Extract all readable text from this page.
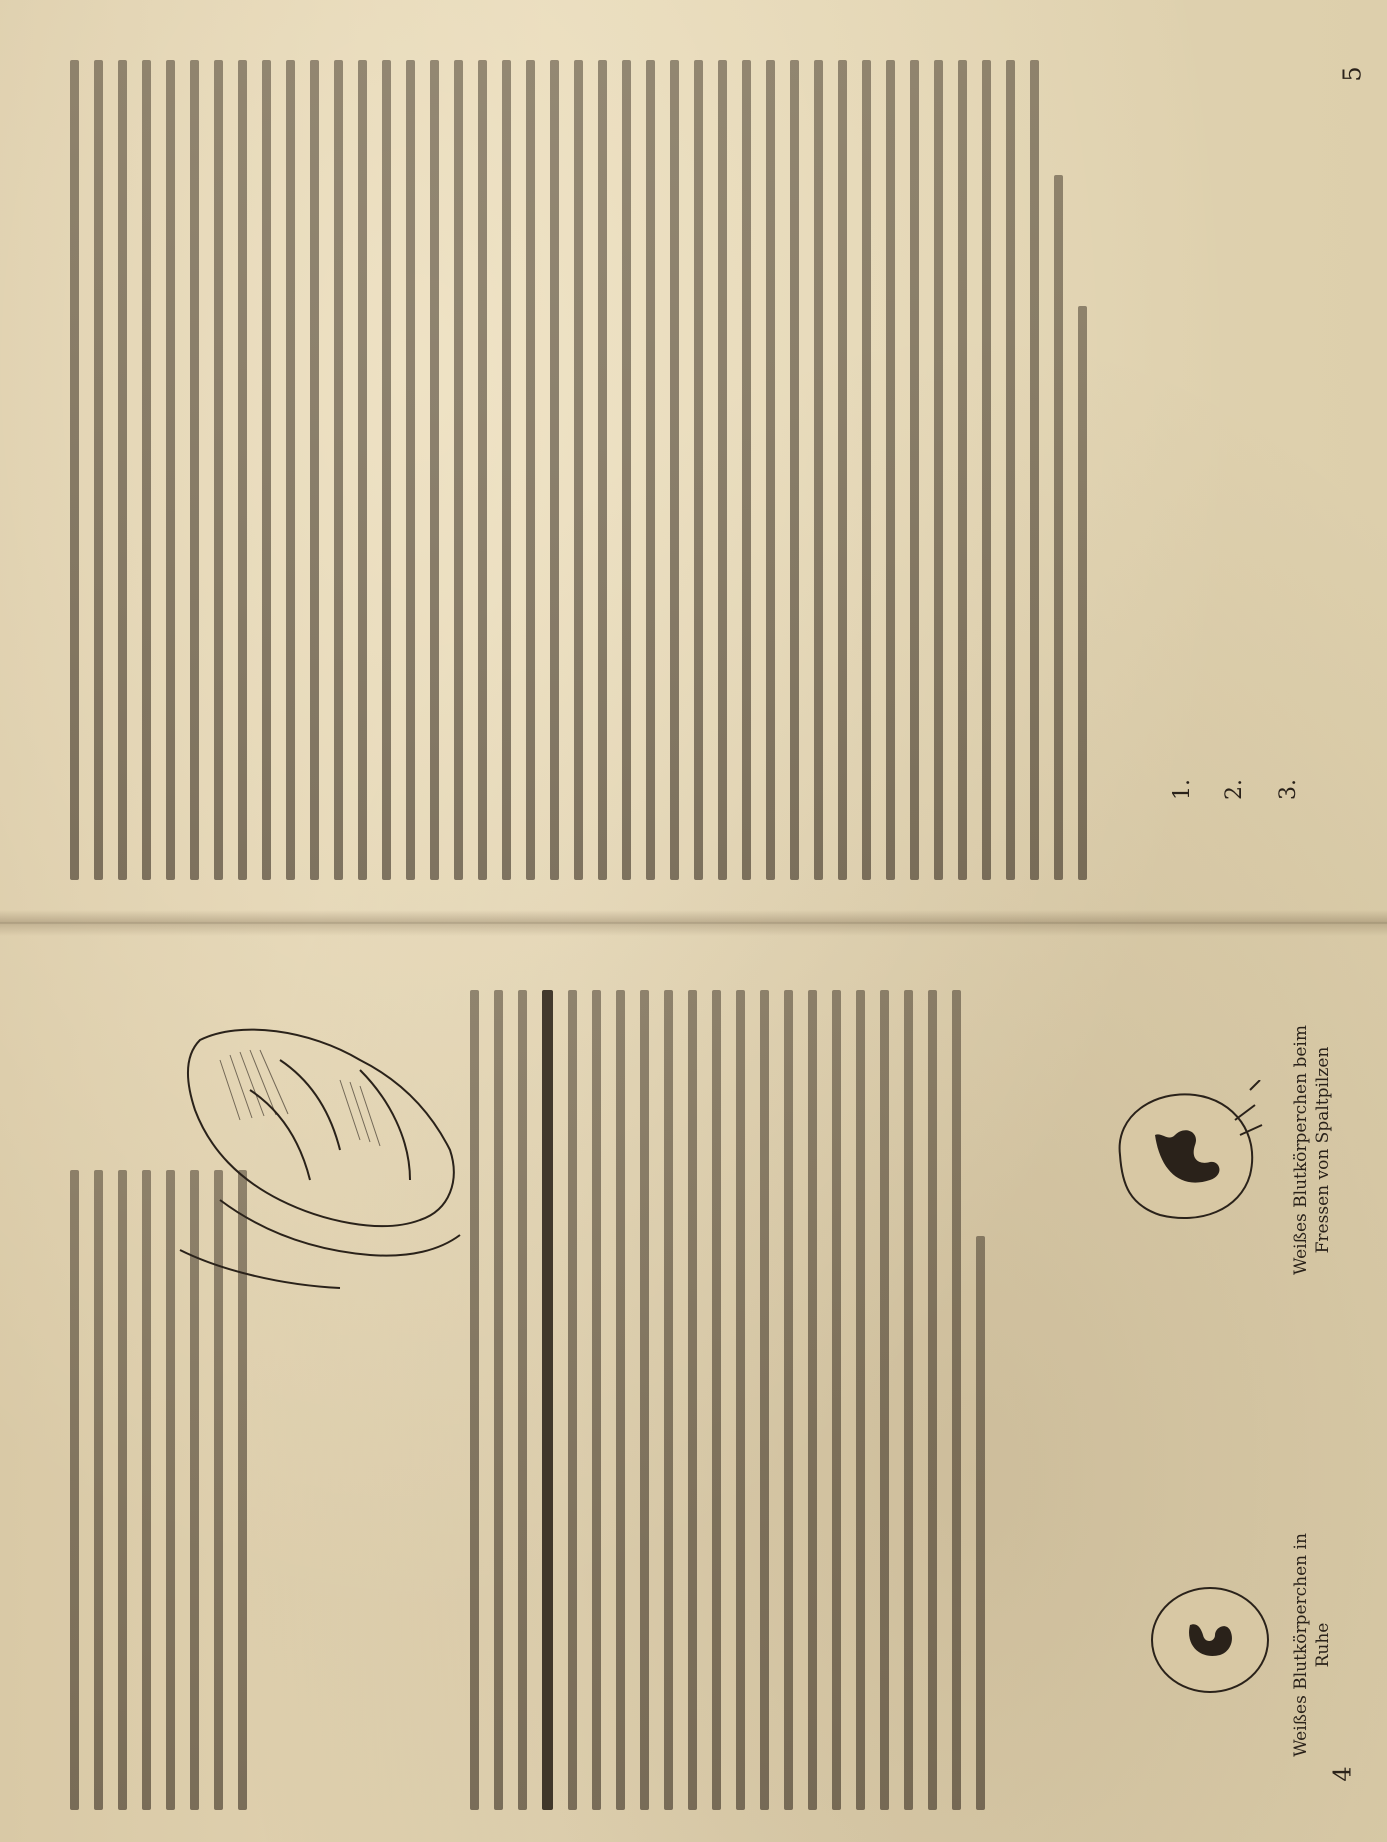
5
1. 2. 3.
4
Weißes Blutkörperchen in Ruhe
Weißes Blutkörperchen beim Fressen von Spaltpilzen
